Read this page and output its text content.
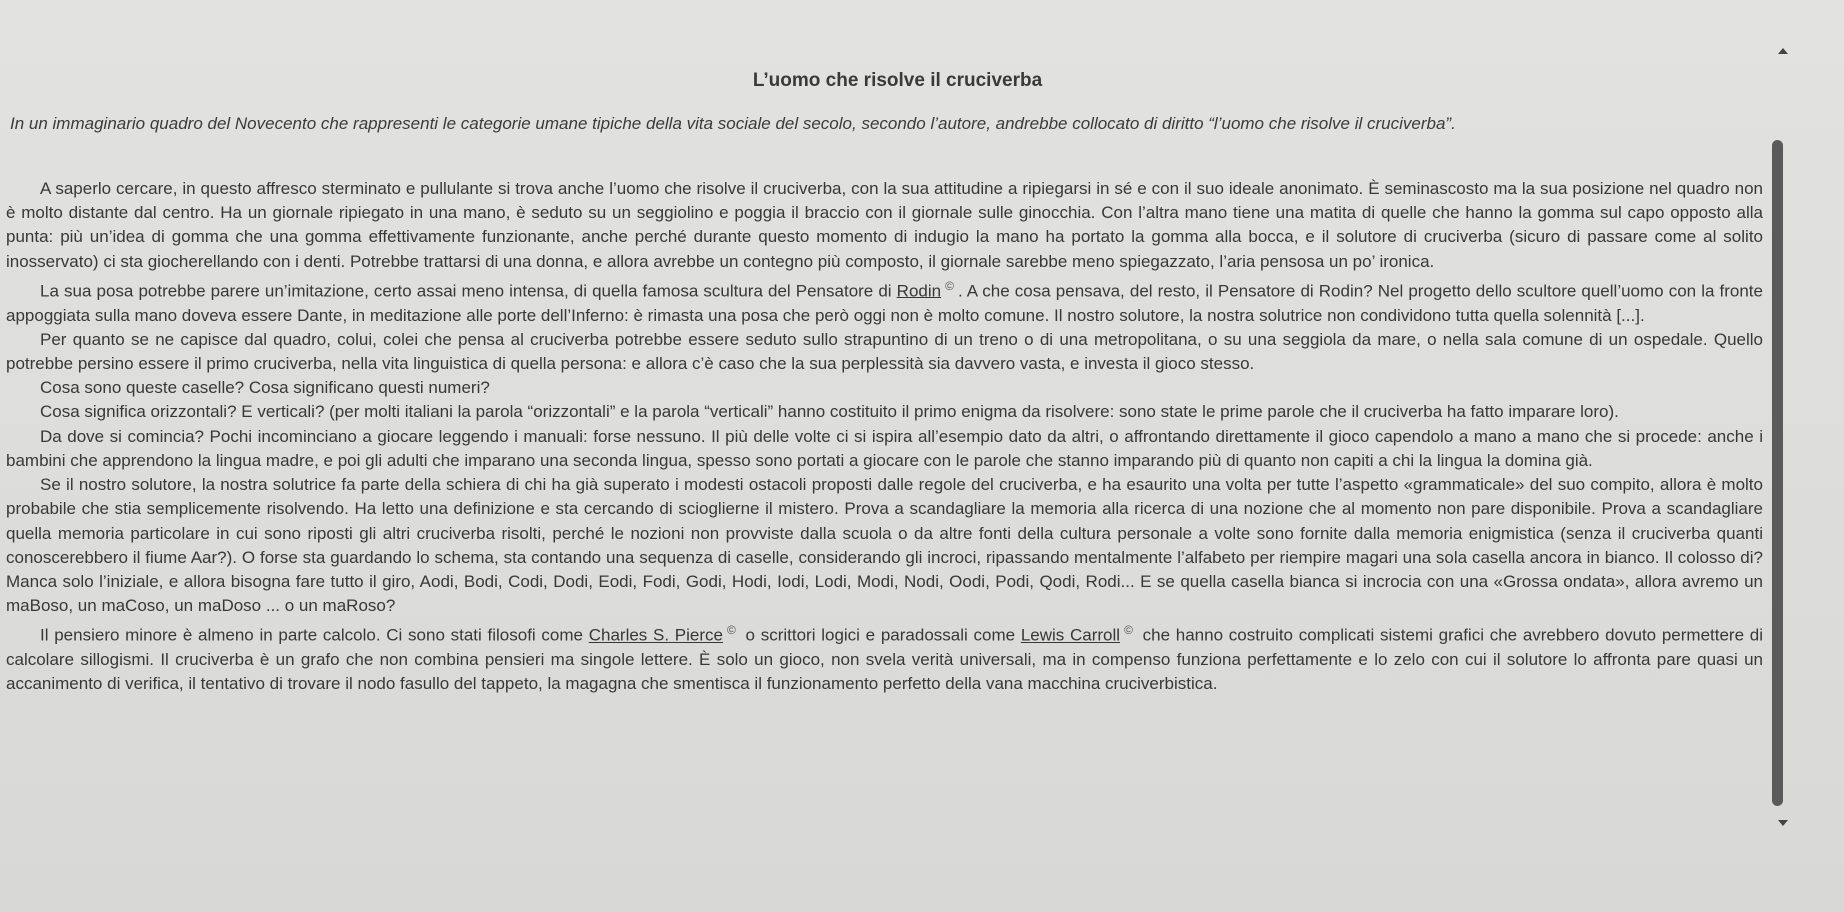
L’uomo che risolve il cruciverba
In un immaginario quadro del Novecento che rappresenti le categorie umane tipiche della vita sociale del secolo, secondo l’autore, andrebbe collocato di diritto “l’uomo che risolve il cruciverba”.

A saperlo cercare, in questo affresco sterminato e pullulante si trova anche l’uomo che risolve il cruciverba, con la sua attitudine a ripiegarsi in sé e con il suo ideale anonimato. È seminascosto ma la sua posizione nel quadro non è molto distante dal centro. Ha un giornale ripiegato in una mano, è seduto su un seggiolino e poggia il braccio con il giornale sulle ginocchia. Con l’altra mano tiene una matita di quelle che hanno la gomma sul capo opposto alla punta: più un’idea di gomma che una gomma effettivamente funzionante, anche perché durante questo momento di indugio la mano ha portato la gomma alla bocca, e il solutore di cruciverba (sicuro di passare come al solito inosservato) ci sta giocherellando con i denti. Potrebbe trattarsi di una donna, e allora avrebbe un contegno più composto, il giornale sarebbe meno spiegazzato, l’aria pensosa un po’ ironica.

La sua posa potrebbe parere un’imitazione, certo assai meno intensa, di quella famosa scultura del Pensatore di Rodin © . A che cosa pensava, del resto, il Pensatore di Rodin? Nel progetto dello scultore quell’uomo con la fronte appoggiata sulla mano doveva essere Dante, in meditazione alle porte dell’Inferno: è rimasta una posa che però oggi non è molto comune. Il nostro solutore, la nostra solutrice non condividono tutta quella solennità [...].

Per quanto se ne capisce dal quadro, colui, colei che pensa al cruciverba potrebbe essere seduto sullo strapuntino di un treno o di una metropolitana, o su una seggiola da mare, o nella sala comune di un ospedale. Quello potrebbe persino essere il primo cruciverba, nella vita linguistica di quella persona: e allora c’è caso che la sua perplessità sia davvero vasta, e investa il gioco stesso.

Cosa sono queste caselle? Cosa significano questi numeri?

Cosa significa orizzontali? E verticali? (per molti italiani la parola “orizzontali” e la parola “verticali” hanno costituito il primo enigma da risolvere: sono state le prime parole che il cruciverba ha fatto imparare loro).

Da dove si comincia? Pochi incominciano a giocare leggendo i manuali: forse nessuno. Il più delle volte ci si ispira all’esempio dato da altri, o affrontando direttamente il gioco capendolo a mano a mano che si procede: anche i bambini che apprendono la lingua madre, e poi gli adulti che imparano una seconda lingua, spesso sono portati a giocare con le parole che stanno imparando più di quanto non capiti a chi la lingua la domina già.

Se il nostro solutore, la nostra solutrice fa parte della schiera di chi ha già superato i modesti ostacoli proposti dalle regole del cruciverba, e ha esaurito una volta per tutte l’aspetto «grammaticale» del suo compito, allora è molto probabile che stia semplicemente risolvendo. Ha letto una definizione e sta cercando di scioglierne il mistero. Prova a scandagliare la memoria alla ricerca di una nozione che al momento non pare disponibile. Prova a scandagliare quella memoria particolare in cui sono riposti gli altri cruciverba risolti, perché le nozioni non provviste dalla scuola o da altre fonti della cultura personale a volte sono fornite dalla memoria enigmistica (senza il cruciverba quanti conoscerebbero il fiume Aar?). O forse sta guardando lo schema, sta contando una sequenza di caselle, considerando gli incroci, ripassando mentalmente l’alfabeto per riempire magari una sola casella ancora in bianco. Il colosso di? Manca solo l’iniziale, e allora bisogna fare tutto il giro, Aodi, Bodi, Codi, Dodi, Eodi, Fodi, Godi, Hodi, Iodi, Lodi, Modi, Nodi, Oodi, Podi, Qodi, Rodi... E se quella casella bianca si incrocia con una «Grossa ondata», allora avremo un maBoso, un maCoso, un maDoso ... o un maRoso?

Il pensiero minore è almeno in parte calcolo. Ci sono stati filosofi come Charles S. Pierce © o scrittori logici e paradossali come Lewis Carroll © che hanno costruito complicati sistemi grafici che avrebbero dovuto permettere di calcolare sillogismi. Il cruciverba è un grafo che non combina pensieri ma singole lettere. È solo un gioco, non svela verità universali, ma in compenso funziona perfettamente e lo zelo con cui il solutore lo affronta pare quasi un accanimento di verifica, il tentativo di trovare il nodo fasullo del tappeto, la magagna che smentisca il funzionamento perfetto della vana macchina cruciverbistica.
